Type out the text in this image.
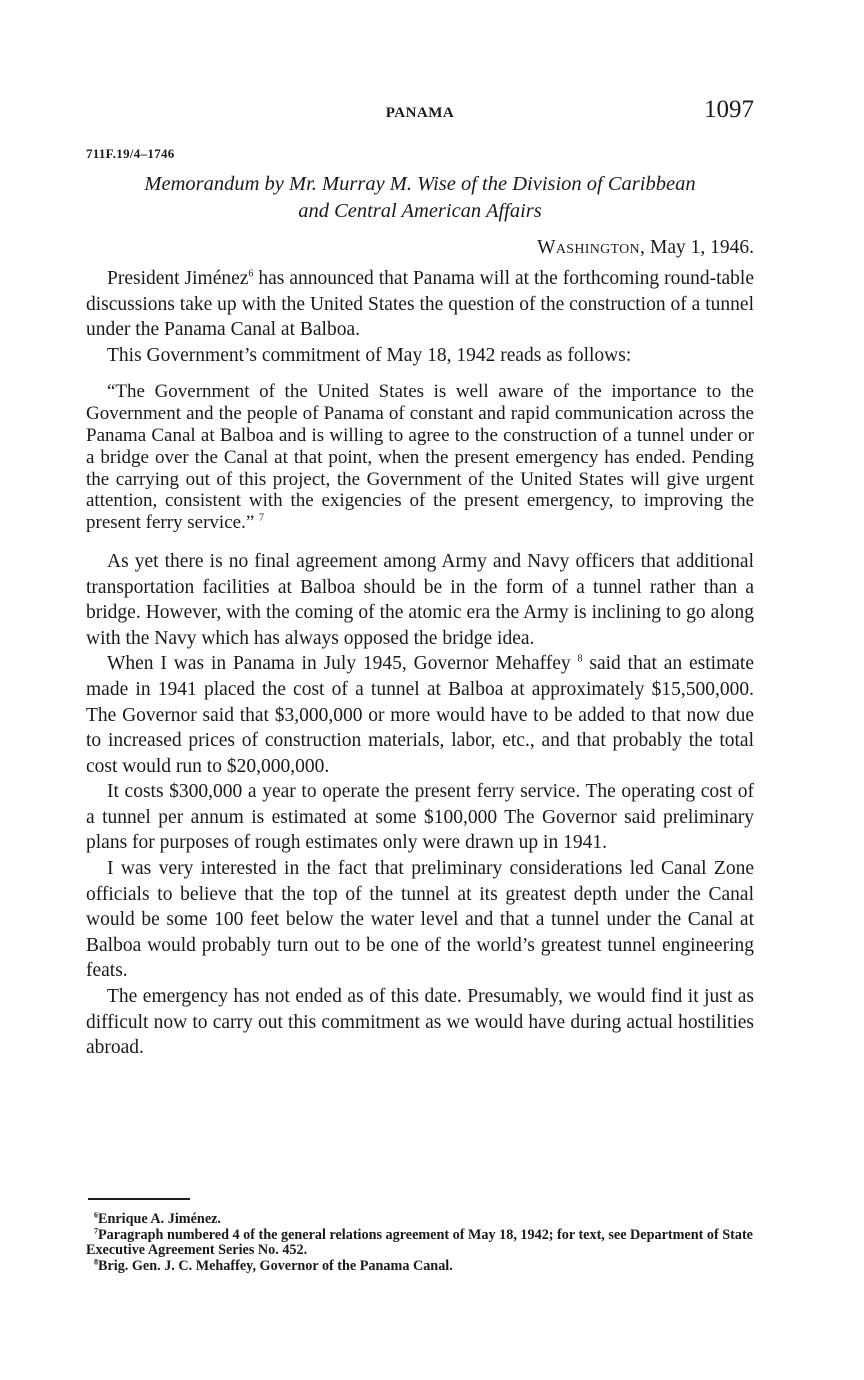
PANAMA	1097
711F.19/4–1746
Memorandum by Mr. Murray M. Wise of the Division of Caribbean
and Central American Affairs
Washington, May 1, 1946.

President Jiménez$^6$ has announced that Panama will at the forthcoming round-table discussions take up with the United States the question of the construction of a tunnel under the Panama Canal at Balboa.

This Government’s commitment of May 18, 1942 reads as follows:

“The Government of the United States is well aware of the importance to the Government and the people of Panama of constant and rapid communication across the Panama Canal at Balboa and is willing to agree to the construction of a tunnel under or a bridge over the Canal at that point, when the present emergency has ended. Pending the carrying out of this project, the Government of the United States will give urgent attention, consistent with the exigencies of the present emergency, to improving the present ferry service.” $^7$

As yet there is no final agreement among Army and Navy officers that additional transportation facilities at Balboa should be in the form of a tunnel rather than a bridge. However, with the coming of the atomic era the Army is inclining to go along with the Navy which has always opposed the bridge idea.

When I was in Panama in July 1945, Governor Mehaffey $^8$ said that an estimate made in 1941 placed the cost of a tunnel at Balboa at approximately $15,500,000. The Governor said that $3,000,000 or more would have to be added to that now due to increased prices of construction materials, labor, etc., and that probably the total cost would run to $20,000,000.

It costs $300,000 a year to operate the present ferry service. The operating cost of a tunnel per annum is estimated at some $100,000 The Governor said preliminary plans for purposes of rough estimates only were drawn up in 1941.

I was very interested in the fact that preliminary considerations led Canal Zone officials to believe that the top of the tunnel at its greatest depth under the Canal would be some 100 feet below the water level and that a tunnel under the Canal at Balboa would probably turn out to be one of the world’s greatest tunnel engineering feats.

The emergency has not ended as of this date. Presumably, we would find it just as difficult now to carry out this commitment as we would have during actual hostilities abroad.

$^6$Enrique A. Jiménez.

$^7$Paragraph numbered 4 of the general relations agreement of May 18, 1942; for text, see Department of State Executive Agreement Series No. 452.

$^8$Brig. Gen. J. C. Mehaffey, Governor of the Panama Canal.
